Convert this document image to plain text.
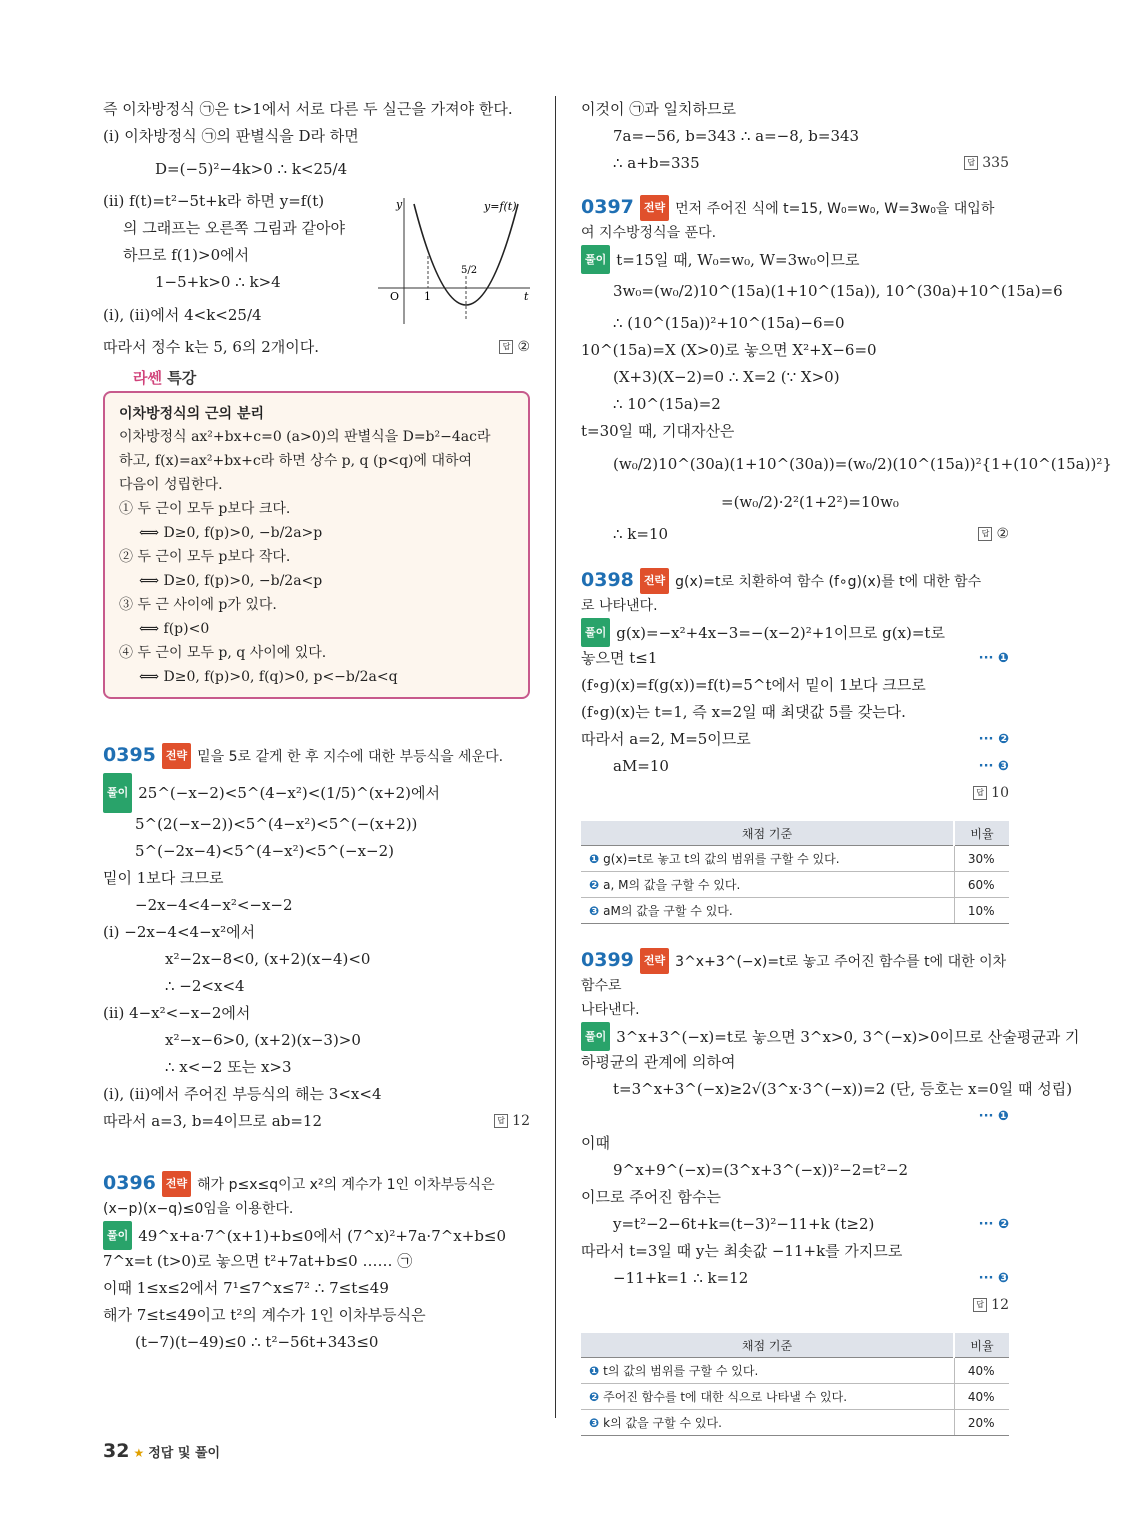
즉 이차방정식 ㉠은 t>1에서 서로 다른 두 실근을 가져야 한다.
(i) 이차방정식 ㉠의 판별식을 D라 하면
D=(−5)²−4k>0 ∴ k<25/4
(ii) f(t)=t²−5t+k라 하면 y=f(t)
의 그래프는 오른쪽 그림과 같아야
하므로 f(1)>0에서
1−5+k>0 ∴ k>4
(i), (ii)에서 4<k<25/4
따라서 정수 k는 5, 6의 2개이다.	답 ②
y	y=f(t)
O 1
5/2
t
라쎈 특강
이차방정식의 근의 분리
이차방정식 ax²+bx+c=0 (a>0)의 판별식을 D=b²−4ac라
하고, f(x)=ax²+bx+c라 하면 상수 p, q (p<q)에 대하여
다음이 성립한다.
① 두 근이 모두 p보다 크다.
⟺ D≥0, f(p)>0, −b/2a>p
② 두 근이 모두 p보다 작다.
⟺ D≥0, f(p)>0, −b/2a<p
③ 두 근 사이에 p가 있다.
⟺ f(p)<0
④ 두 근이 모두 p, q 사이에 있다.
⟺ D≥0, f(p)>0, f(q)>0, p<−b/2a<q
0395 전략 밑을 5로 같게 한 후 지수에 대한 부등식을 세운다.
풀이 25^(−x−2)<5^(4−x²)<(1/5)^(x+2)에서
5^(2(−x−2))<5^(4−x²)<5^(−(x+2))
5^(−2x−4)<5^(4−x²)<5^(−x−2)
밑이 1보다 크므로
−2x−4<4−x²<−x−2
(i) −2x−4<4−x²에서
x²−2x−8<0, (x+2)(x−4)<0
∴ −2<x<4
(ii) 4−x²<−x−2에서
x²−x−6>0, (x+2)(x−3)>0
∴ x<−2 또는 x>3
(i), (ii)에서 주어진 부등식의 해는 3<x<4
따라서 a=3, b=4이므로 ab=12	답 12
0396 전략 해가 p≤x≤q이고 x²의 계수가 1인 이차부등식은
(x−p)(x−q)≤0임을 이용한다.
풀이 49^x+a·7^(x+1)+b≤0에서 (7^x)²+7a·7^x+b≤0
7^x=t (t>0)로 놓으면 t²+7at+b≤0 …… ㉠
이때 1≤x≤2에서 7¹≤7^x≤7² ∴ 7≤t≤49
해가 7≤t≤49이고 t²의 계수가 1인 이차부등식은
(t−7)(t−49)≤0 ∴ t²−56t+343≤0
이것이 ㉠과 일치하므로
7a=−56, b=343 ∴ a=−8, b=343
∴ a+b=335	답 335
0397 전략 먼저 주어진 식에 t=15, W₀=w₀, W=3w₀을 대입하
여 지수방정식을 푼다.
풀이 t=15일 때, W₀=w₀, W=3w₀이므로
3w₀=(w₀/2)10^(15a)(1+10^(15a)), 10^(30a)+10^(15a)=6
∴ (10^(15a))²+10^(15a)−6=0
10^(15a)=X (X>0)로 놓으면 X²+X−6=0
(X+3)(X−2)=0 ∴ X=2 (∵ X>0)
∴ 10^(15a)=2
t=30일 때, 기대자산은
(w₀/2)10^(30a)(1+10^(30a))=(w₀/2)(10^(15a))²{1+(10^(15a))²}
=(w₀/2)·2²(1+2²)=10w₀
∴ k=10	답 ②
0398 전략 g(x)=t로 치환하여 함수 (f∘g)(x)를 t에 대한 함수
로 나타낸다.
풀이 g(x)=−x²+4x−3=−(x−2)²+1이므로 g(x)=t로
놓으면 t≤1	··· ❶
(f∘g)(x)=f(g(x))=f(t)=5^t에서 밑이 1보다 크므로
(f∘g)(x)는 t=1, 즉 x=2일 때 최댓값 5를 갖는다.
따라서 a=2, M=5이므로	··· ❷
aM=10	··· ❸
답 10
채점 기준	비율
❶ g(x)=t로 놓고 t의 값의 범위를 구할 수 있다.	30%
❷ a, M의 값을 구할 수 있다.	60%
❸ aM의 값을 구할 수 있다.	10%
0399 전략 3^x+3^(−x)=t로 놓고 주어진 함수를 t에 대한 이차함수로
나타낸다.
풀이 3^x+3^(−x)=t로 놓으면 3^x>0, 3^(−x)>0이므로 산술평균과 기
하평균의 관계에 의하여
t=3^x+3^(−x)≥2√(3^x·3^(−x))=2 (단, 등호는 x=0일 때 성립)
··· ❶
이때
9^x+9^(−x)=(3^x+3^(−x))²−2=t²−2
이므로 주어진 함수는
y=t²−2−6t+k=(t−3)²−11+k (t≥2)	··· ❷
따라서 t=3일 때 y는 최솟값 −11+k를 가지므로
−11+k=1 ∴ k=12	··· ❸
답 12
채점 기준	비율
❶ t의 값의 범위를 구할 수 있다.	40%
❷ 주어진 함수를 t에 대한 식으로 나타낼 수 있다.	40%
❸ k의 값을 구할 수 있다.	20%
32 ★ 정답 및 풀이
